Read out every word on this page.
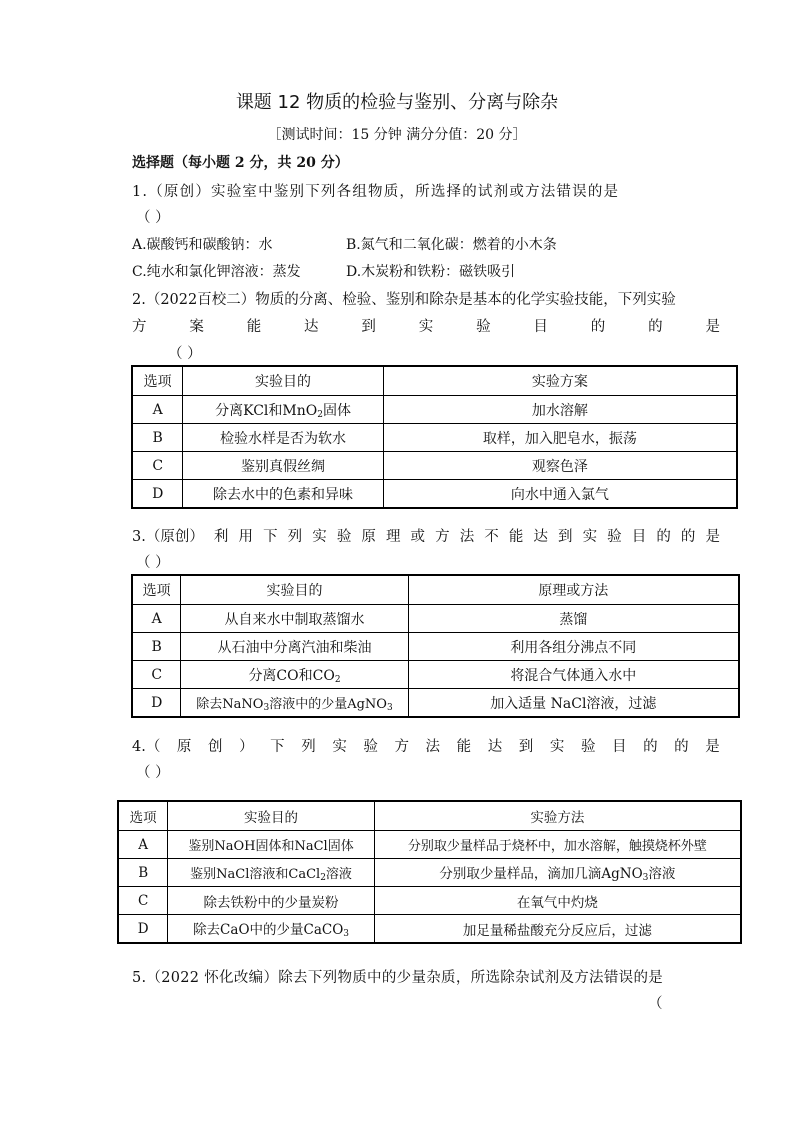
课题 12 物质的检验与鉴别、分离与除杂
［测试时间：15 分钟 满分分值：20 分］
选择题（每小题 2 分，共 20 分）
1.（原创）实验室中鉴别下列各组物质，所选择的试剂或方法错误的是
（ ）
A.碳酸钙和碳酸钠：水	B.氮气和二氧化碳：燃着的小木条
C.纯水和氯化钾溶液：蒸发	D.木炭粉和铁粉：磁铁吸引
2.（2022百校二）物质的分离、检验、鉴别和除杂是基本的化学实验技能，下列实验
方	案	能	达	到	实	验	目	的	的	是
（ ）
选项	实验目的	实验方案
A	分离KCl和MnO$_2$固体	加水溶解
B	检验水样是否为软水	取样，加入肥皂水，振荡
C	鉴别真假丝绸	观察色泽
D	除去水中的色素和异味	向水中通入氯气
3.（原创） 利 用 下 列 实 验 原 理 或 方 法 不 能 达 到 实 验 目 的 的 是
（ ）
选项	实验目的	原理或方法
A	从自来水中制取蒸馏水	蒸馏
B	从石油中分离汽油和柴油	利用各组分沸点不同
C	分离CO和$CO_2$	将混合气体通入水中
D	除去NaNO$_3$溶液中的少量AgNO$_3$	加入适量 NaCl溶液，过滤
4.（ 原 创 ） 下 列 实 验 方 法 能 达 到 实 验 目 的 的 是
（ ）
选项	实验目的	实验方法
A	鉴别NaOH固体和NaCl固体	分别取少量样品于烧杯中，加水溶解，触摸烧杯外壁
B	鉴别NaCl溶液和CaCl$_2$溶液	分别取少量样品，滴加几滴AgNO$_3$溶液
C	除去铁粉中的少量炭粉	在氧气中灼烧
D	除去CaO中的少量CaCO$_3$	加足量稀盐酸充分反应后，过滤
5.（2022 怀化改编）除去下列物质中的少量杂质，所选除杂试剂及方法错误的是
（
